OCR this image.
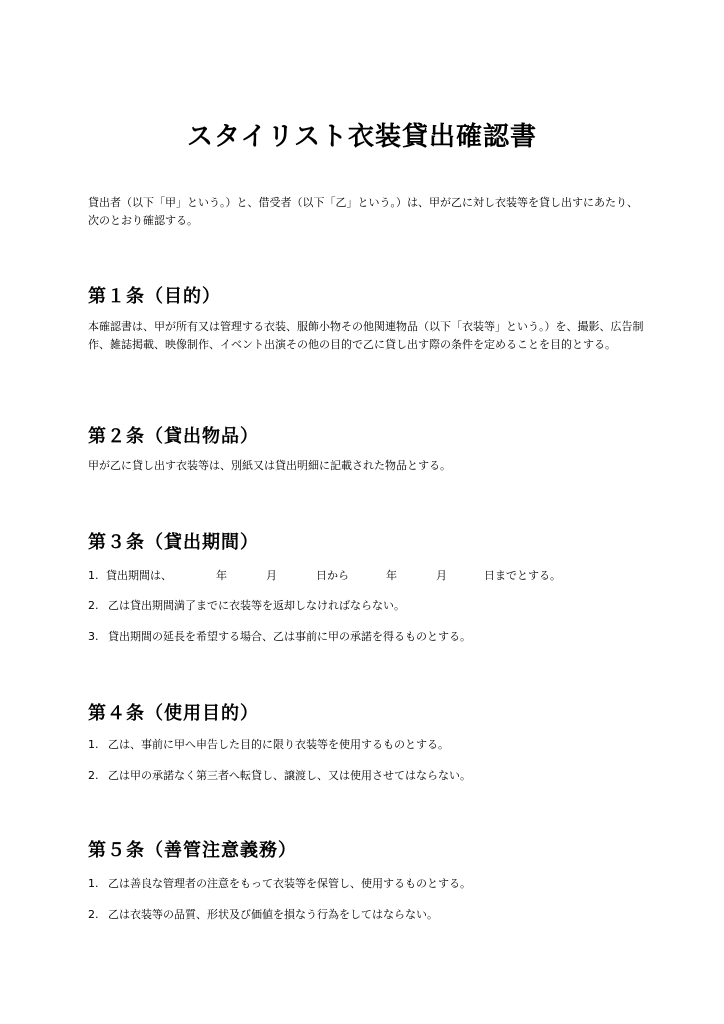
スタイリスト衣装貸出確認書

貸出者（以下「甲」という。）と、借受者（以下「乙」という。）は、甲が乙に対し衣装等を貸し出すにあたり、次のとおり確認する。

第１条（目的）

本確認書は、甲が所有又は管理する衣装、服飾小物その他関連物品（以下「衣装等」という。）を、撮影、広告制作、雑誌掲載、映像制作、イベント出演その他の目的で乙に貸し出す際の条件を定めることを目的とする。

第２条（貸出物品）

甲が乙に貸し出す衣装等は、別紙又は貸出明細に記載された物品とする。

第３条（貸出期間）
1. 貸出期間は、	年	月	日から	年	月	日までとする。

2. 乙は貸出期間満了までに衣装等を返却しなければならない。

3. 貸出期間の延長を希望する場合、乙は事前に甲の承諾を得るものとする。

第４条（使用目的）

1. 乙は、事前に甲へ申告した目的に限り衣装等を使用するものとする。

2. 乙は甲の承諾なく第三者へ転貸し、譲渡し、又は使用させてはならない。

第５条（善管注意義務）

1. 乙は善良な管理者の注意をもって衣装等を保管し、使用するものとする。

2. 乙は衣装等の品質、形状及び価値を損なう行為をしてはならない。
